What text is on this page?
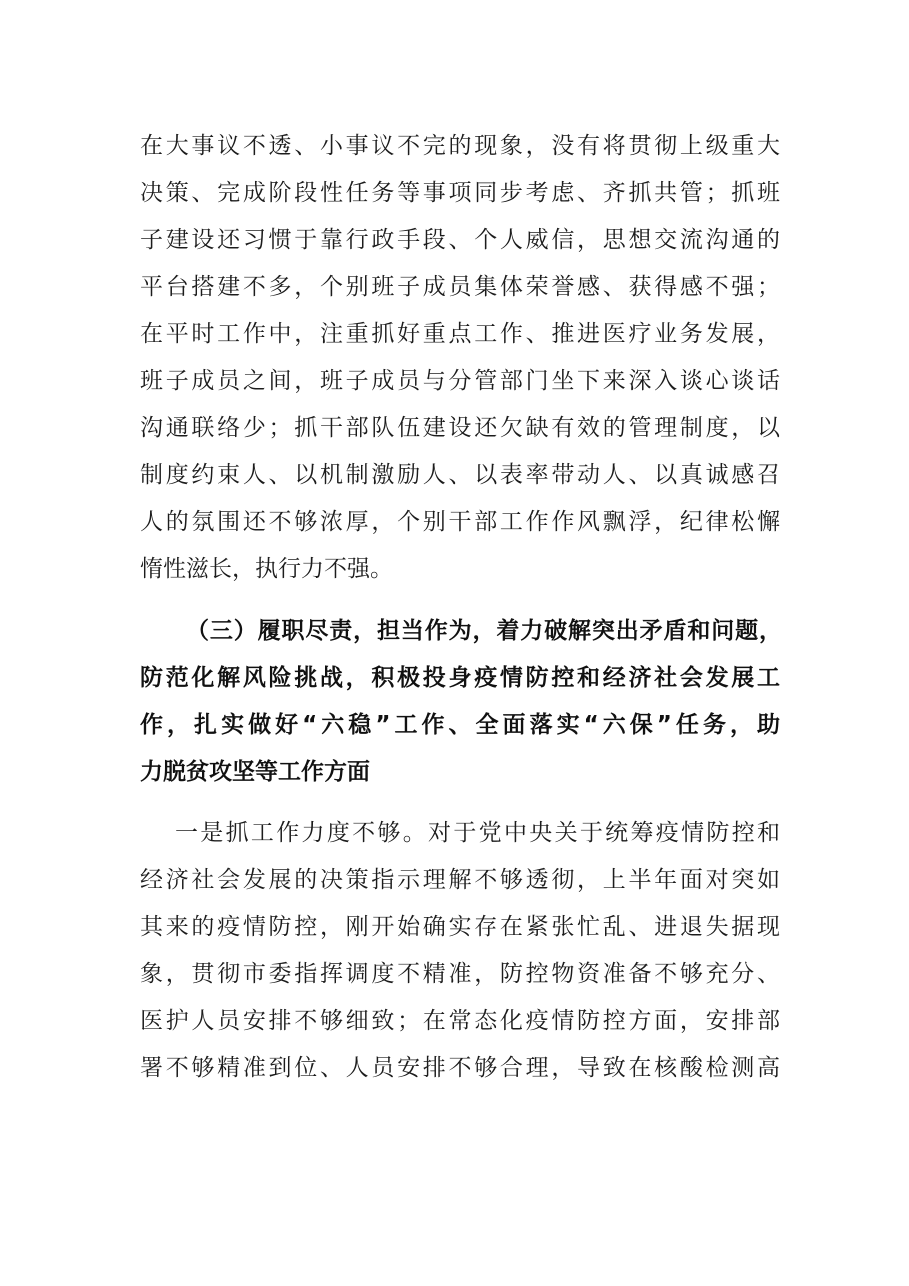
在大事议不透、小事议不完的现象，没有将贯彻上级重大
决策、完成阶段性任务等事项同步考虑、齐抓共管；抓班
子建设还习惯于靠行政手段、个人威信，思想交流沟通的
平台搭建不多，个别班子成员集体荣誉感、获得感不强；
在平时工作中，注重抓好重点工作、推进医疗业务发展，
班子成员之间，班子成员与分管部门坐下来深入谈心谈话
沟通联络少；抓干部队伍建设还欠缺有效的管理制度，以
制度约束人、以机制激励人、以表率带动人、以真诚感召
人的氛围还不够浓厚，个别干部工作作风飘浮，纪律松懈
惰性滋长，执行力不强。
（三）履职尽责，担当作为，着力破解突出矛盾和问题，
防范化解风险挑战，积极投身疫情防控和经济社会发展工
作，扎实做好“六稳”工作、全面落实“六保”任务，助
力脱贫攻坚等工作方面
一是抓工作力度不够。对于党中央关于统筹疫情防控和
经济社会发展的决策指示理解不够透彻，上半年面对突如
其来的疫情防控，刚开始确实存在紧张忙乱、进退失据现
象，贯彻市委指挥调度不精准，防控物资准备不够充分、
医护人员安排不够细致；在常态化疫情防控方面，安排部
署不够精准到位、人员安排不够合理，导致在核酸检测高
